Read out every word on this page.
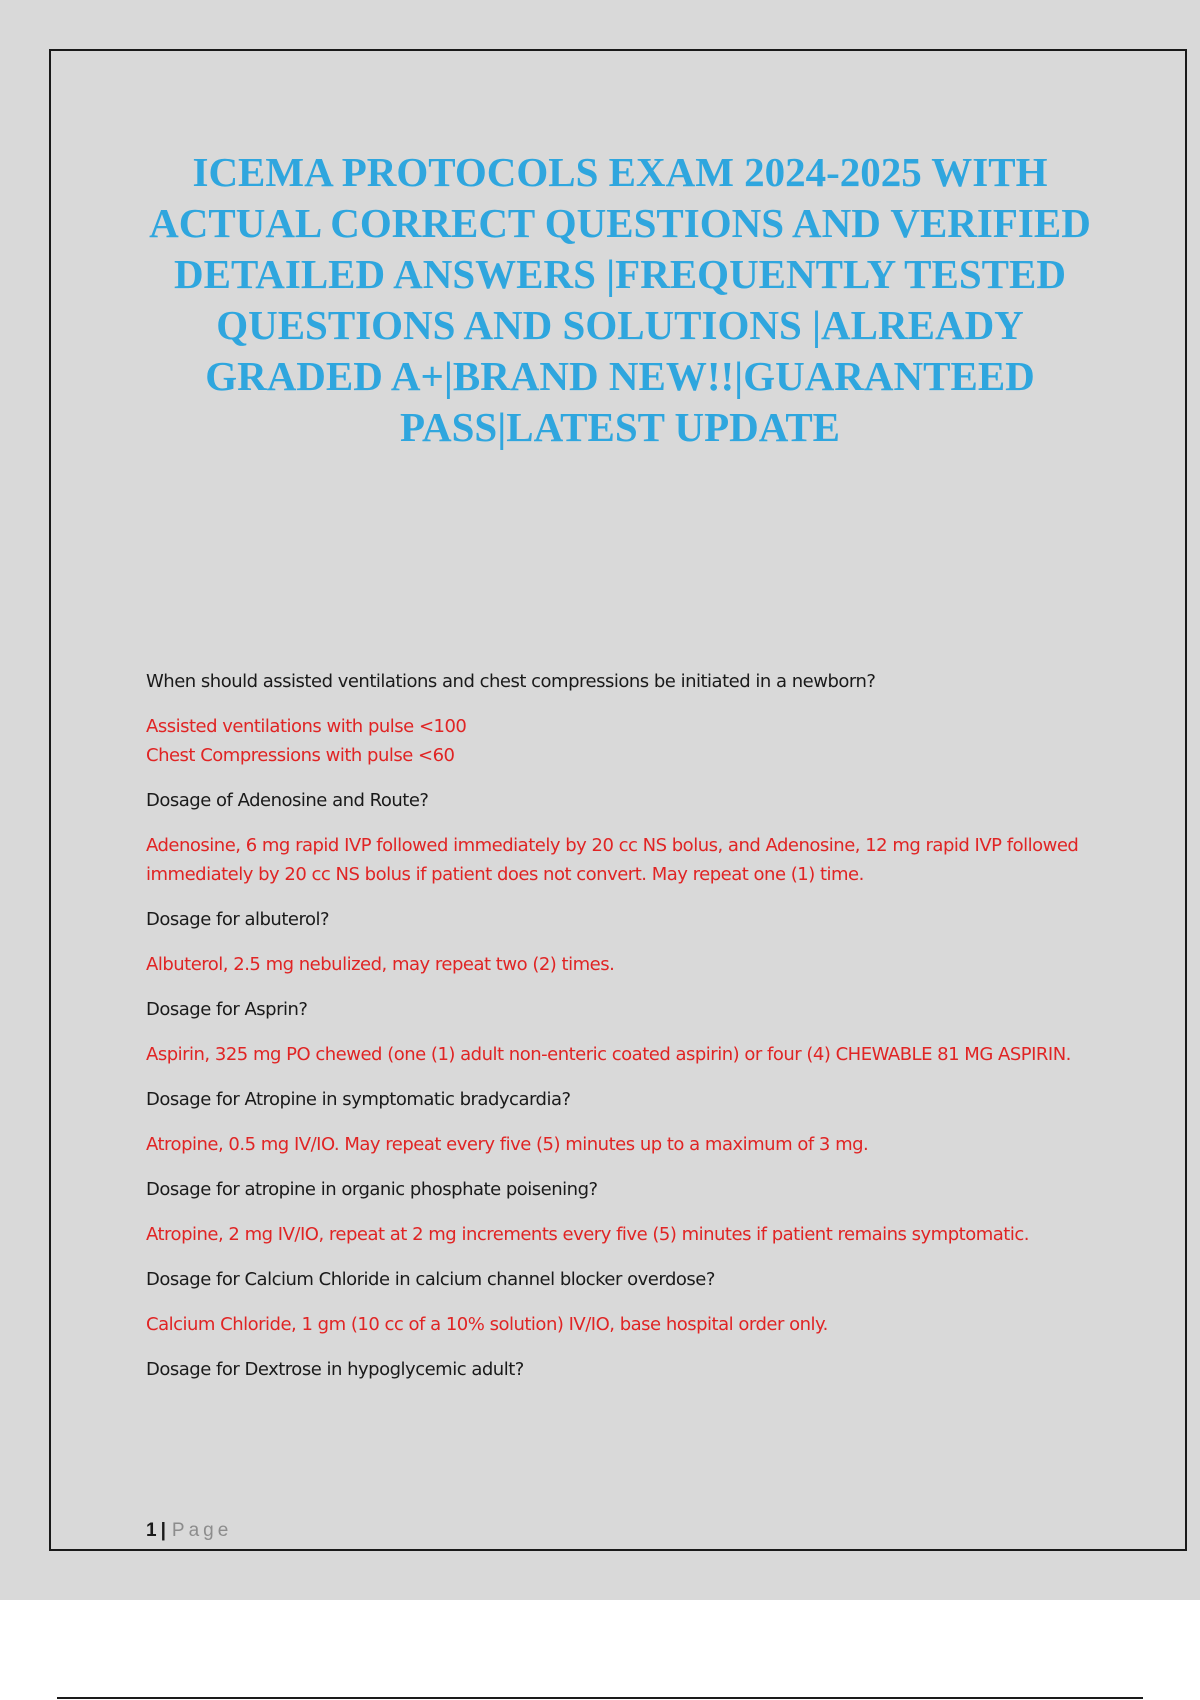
ICEMA PROTOCOLS EXAM 2024-2025 WITH ACTUAL CORRECT QUESTIONS AND VERIFIED DETAILED ANSWERS |FREQUENTLY TESTED QUESTIONS AND SOLUTIONS |ALREADY GRADED A+|BRAND NEW!!|GUARANTEED PASS|LATEST UPDATE

When should assisted ventilations and chest compressions be initiated in a newborn?

Assisted ventilations with pulse <100
Chest Compressions with pulse <60

Dosage of Adenosine and Route?

Adenosine, 6 mg rapid IVP followed immediately by 20 cc NS bolus, and Adenosine, 12 mg rapid IVP followed immediately by 20 cc NS bolus if patient does not convert. May repeat one (1) time.

Dosage for albuterol?

Albuterol, 2.5 mg nebulized, may repeat two (2) times.

Dosage for Asprin?

Aspirin, 325 mg PO chewed (one (1) adult non-enteric coated aspirin) or four (4) CHEWABLE 81 MG ASPIRIN.

Dosage for Atropine in symptomatic bradycardia?

Atropine, 0.5 mg IV/IO. May repeat every five (5) minutes up to a maximum of 3 mg.

Dosage for atropine in organic phosphate poisening?

Atropine, 2 mg IV/IO, repeat at 2 mg increments every five (5) minutes if patient remains symptomatic.

Dosage for Calcium Chloride in calcium channel blocker overdose?

Calcium Chloride, 1 gm (10 cc of a 10% solution) IV/IO, base hospital order only.

Dosage for Dextrose in hypoglycemic adult?

1 | Page
